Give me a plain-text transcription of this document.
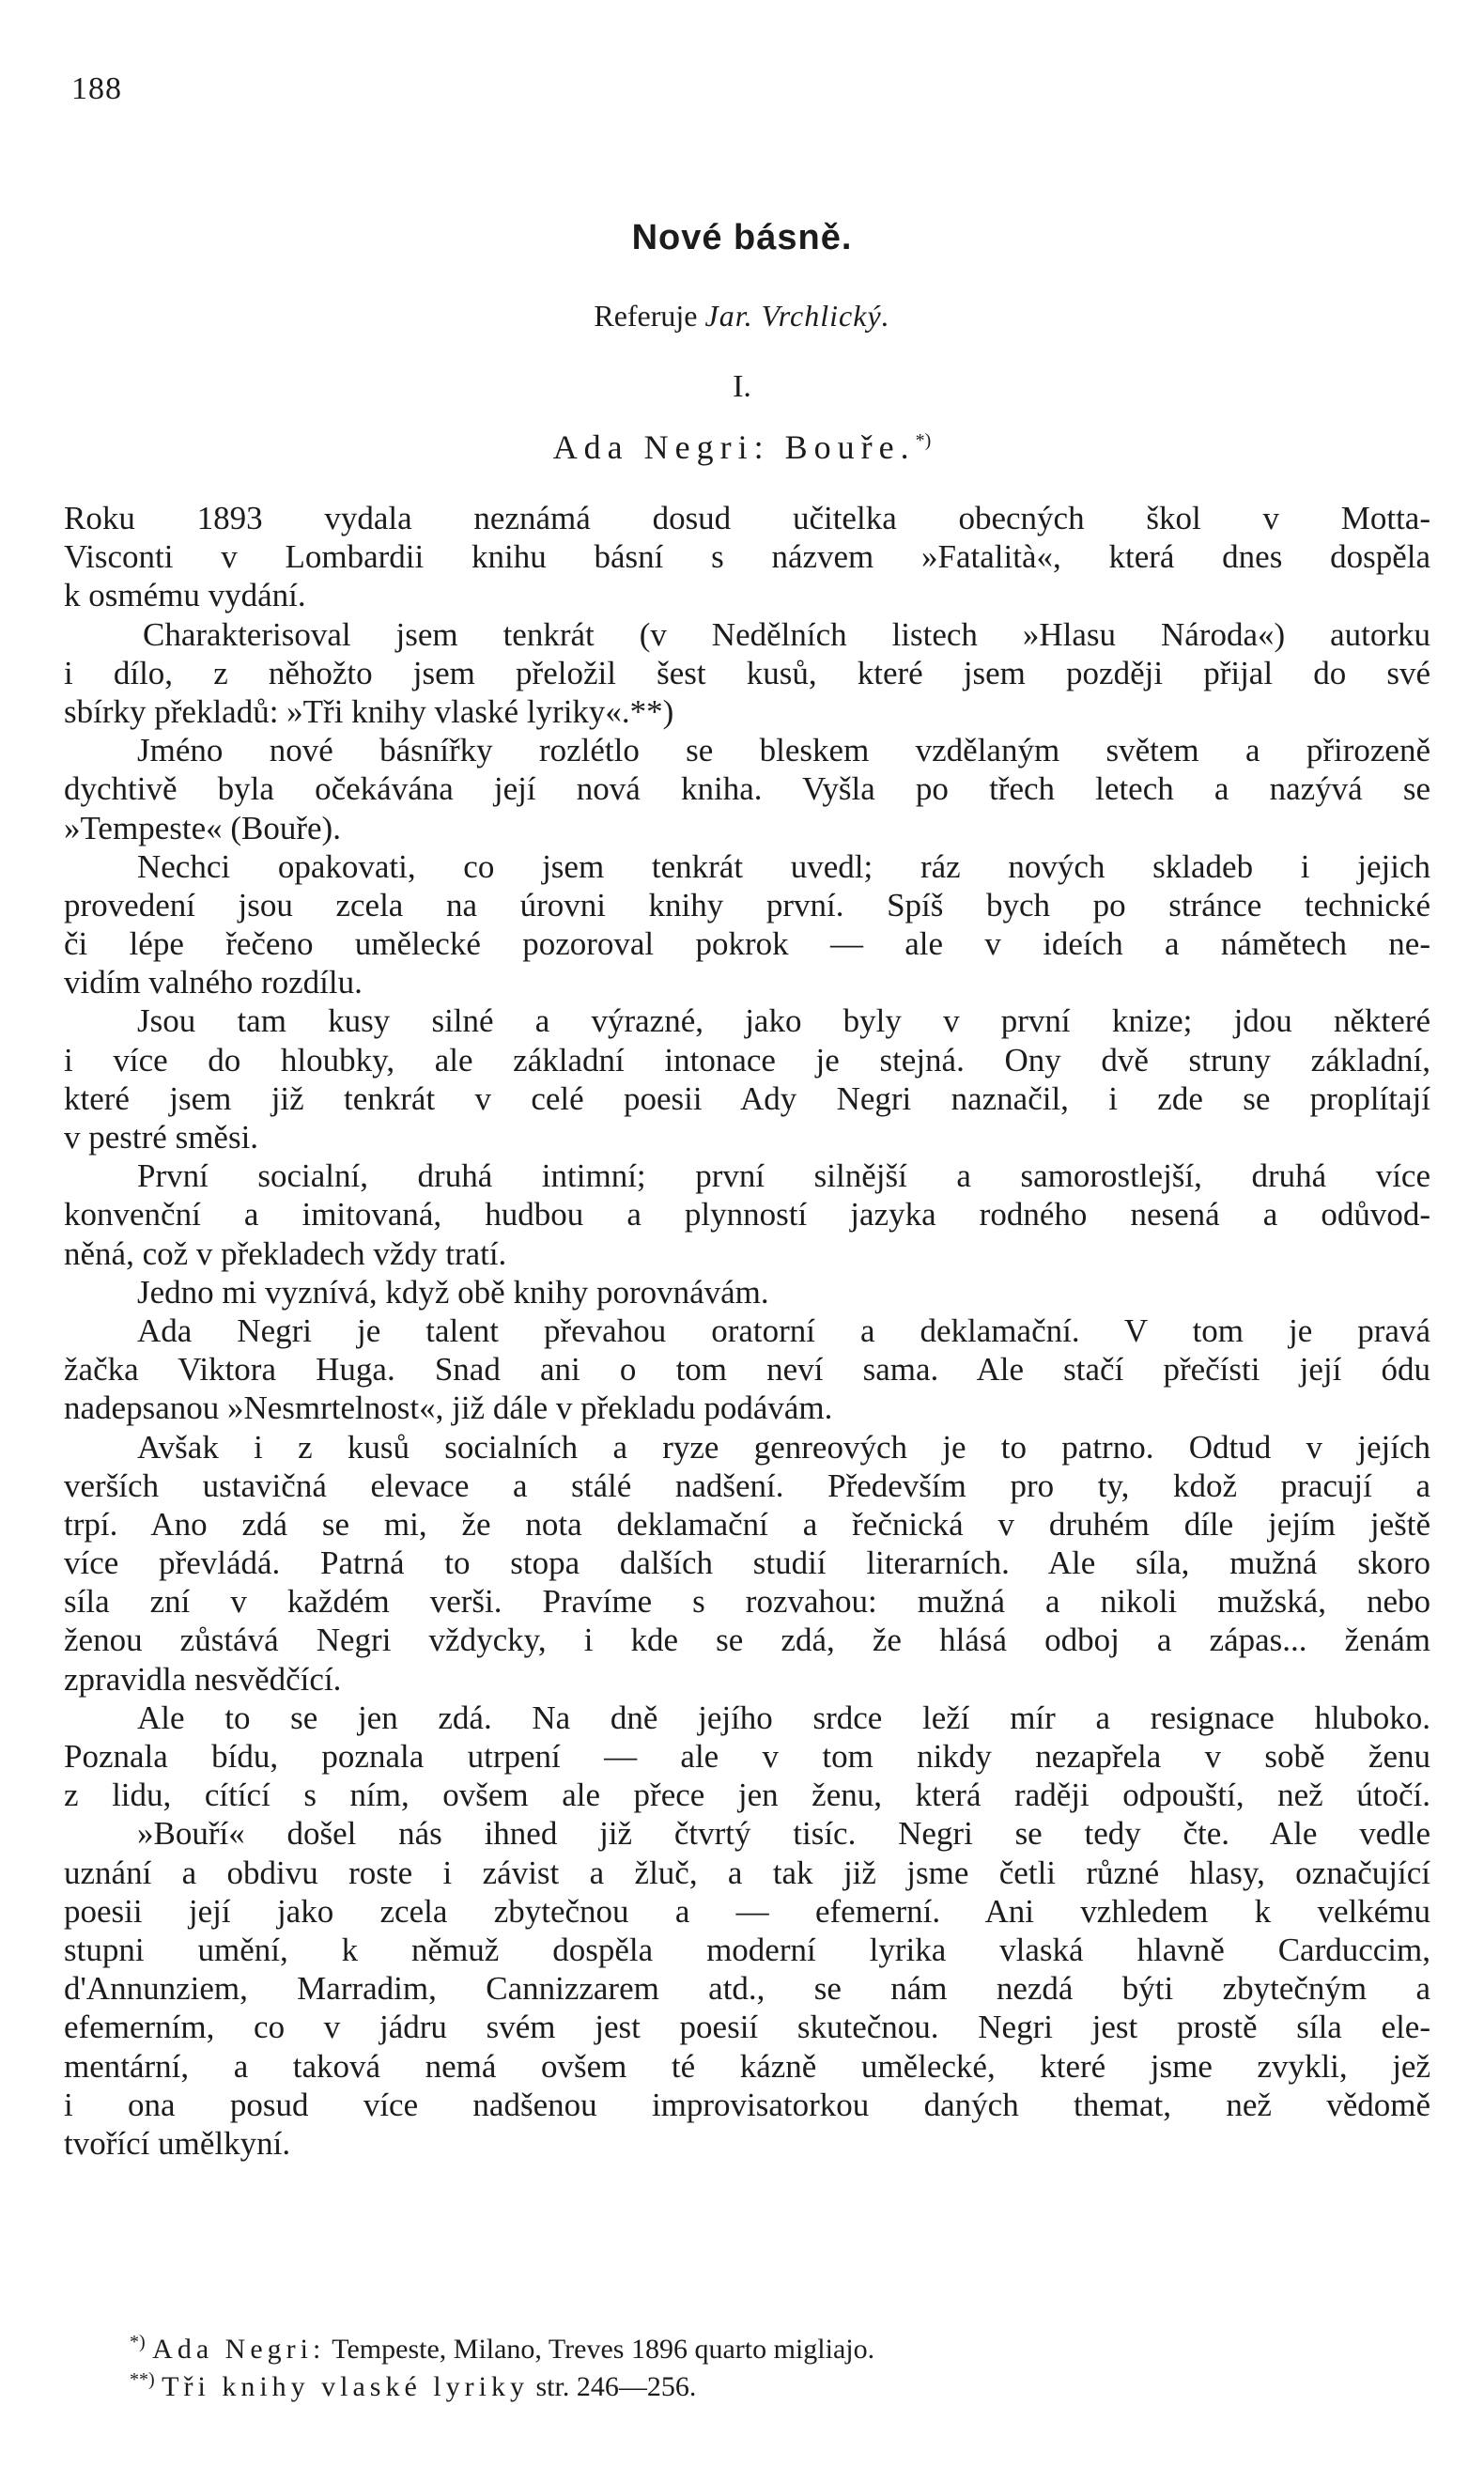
188
Nové básně.
Referuje Jar. Vrchlický.
I.
Ada Negri: Bouře.*)
Roku 1893 vydala neznámá dosud učitelka obecných škol v Motta-
Visconti v Lombardii knihu básní s názvem »Fatalità«, která dnes dospěla
k osmému vydání.
Charakterisoval jsem tenkrát (v Nedělních listech »Hlasu Národa«) autorku
i dílo, z něhožto jsem přeložil šest kusů, které jsem později přijal do své
sbírky překladů: »Tři knihy vlaské lyriky«.**)
Jméno nové básnířky rozlétlo se bleskem vzdělaným světem a přirozeně
dychtivě byla očekávána její nová kniha. Vyšla po třech letech a nazývá se
»Tempeste« (Bouře).
Nechci opakovati, co jsem tenkrát uvedl; ráz nových skladeb i jejich
provedení jsou zcela na úrovni knihy první. Spíš bych po stránce technické
či lépe řečeno umělecké pozoroval pokrok — ale v ideích a námětech ne-
vidím valného rozdílu.
Jsou tam kusy silné a výrazné, jako byly v první knize; jdou některé
i více do hloubky, ale základní intonace je stejná. Ony dvě struny základní,
které jsem již tenkrát v celé poesii Ady Negri naznačil, i zde se proplítají
v pestré směsi.
První socialní, druhá intimní; první silnější a samorostlejší, druhá více
konvenční a imitovaná, hudbou a plynností jazyka rodného nesená a odůvod-
něná, což v překladech vždy tratí.
Jedno mi vyznívá, když obě knihy porovnávám.
Ada Negri je talent převahou oratorní a deklamační. V tom je pravá
žačka Viktora Huga. Snad ani o tom neví sama. Ale stačí přečísti její ódu
nadepsanou »Nesmrtelnost«, již dále v překladu podávám.
Avšak i z kusů socialních a ryze genreových je to patrno. Odtud v jejích
verších ustavičná elevace a stálé nadšení. Především pro ty, kdož pracují a
trpí. Ano zdá se mi, že nota deklamační a řečnická v druhém díle jejím ještě
více převládá. Patrná to stopa dalších studií literarních. Ale síla, mužná skoro
síla zní v každém verši. Pravíme s rozvahou: mužná a nikoli mužská, nebo
ženou zůstává Negri vždycky, i kde se zdá, že hlásá odboj a zápas... ženám
zpravidla nesvědčící.
Ale to se jen zdá. Na dně jejího srdce leží mír a resignace hluboko.
Poznala bídu, poznala utrpení — ale v tom nikdy nezapřela v sobě ženu
z lidu, cítící s ním, ovšem ale přece jen ženu, která raději odpouští, než útočí.
»Bouří« došel nás ihned již čtvrtý tisíc. Negri se tedy čte. Ale vedle
uznání a obdivu roste i závist a žluč, a tak již jsme četli různé hlasy, označující
poesii její jako zcela zbytečnou a — efemerní. Ani vzhledem k velkému
stupni umění, k němuž dospěla moderní lyrika vlaská hlavně Carduccim,
d'Annunziem, Marradim, Cannizzarem atd., se nám nezdá býti zbytečným a
efemerním, co v jádru svém jest poesií skutečnou. Negri jest prostě síla ele-
mentární, a taková nemá ovšem té kázně umělecké, které jsme zvykli, jež
i ona posud více nadšenou improvisatorkou daných themat, než vědomě
tvořící umělkyní.
*) Ada Negri: Tempeste, Milano, Treves 1896 quarto migliajo.
**) Tři knihy vlaské lyriky str. 246—256.
